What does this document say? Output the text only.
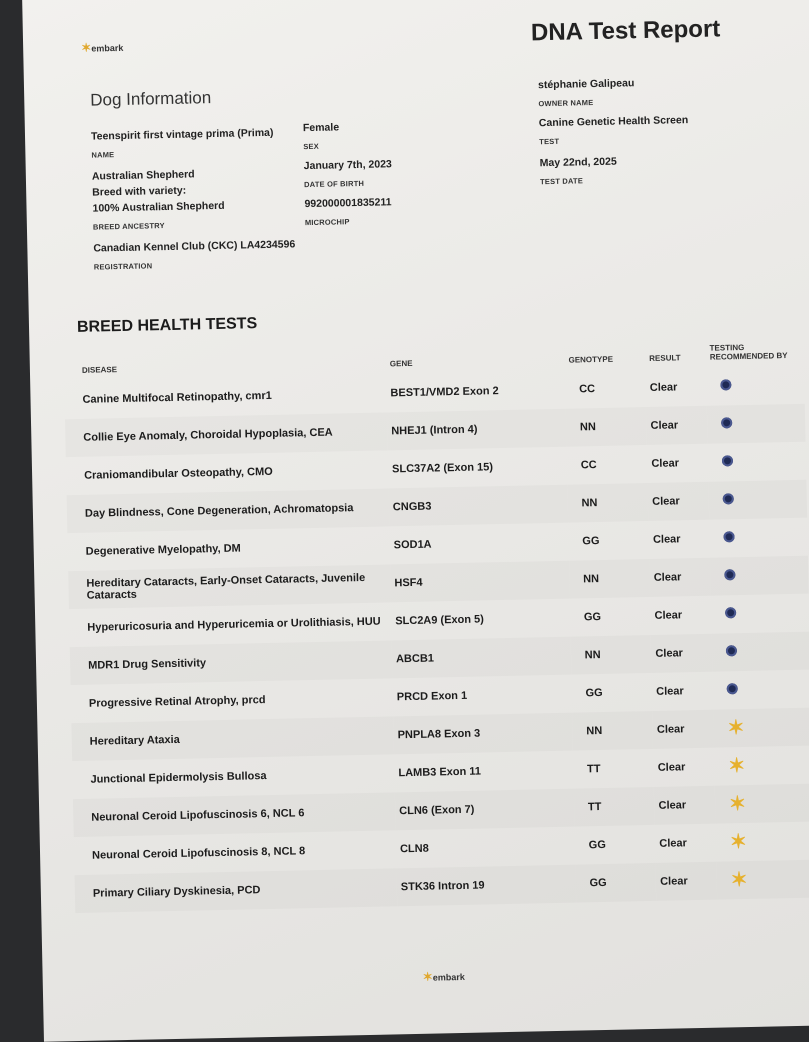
✶embark
DNA Test Report
Dog Information
Teenspirit first vintage prima (Prima)
NAME
Female
SEX
Australian Shepherd
Breed with variety:
100% Australian Shepherd
BREED ANCESTRY
January 7th, 2023
DATE OF BIRTH
992000001835211
MICROCHIP
Canadian Kennel Club (CKC) LA4234596
REGISTRATION
stéphanie Galipeau
OWNER NAME
Canine Genetic Health Screen
TEST
May 22nd, 2025
TEST DATE
BREED HEALTH TESTS
DISEASE	GENE	GENOTYPE	RESULT	TESTING RECOMMENDED BY
Canine Multifocal Retinopathy, cmr1	BEST1/VMD2 Exon 2	CC	Clear	
Collie Eye Anomaly, Choroidal Hypoplasia, CEA	NHEJ1 (Intron 4)	NN	Clear	
Craniomandibular Osteopathy, CMO	SLC37A2 (Exon 15)	CC	Clear	
Day Blindness, Cone Degeneration, Achromatopsia	CNGB3	NN	Clear	
Degenerative Myelopathy, DM	SOD1A	GG	Clear	
Hereditary Cataracts, Early-Onset Cataracts, Juvenile Cataracts	HSF4	NN	Clear	
Hyperuricosuria and Hyperuricemia or Urolithiasis, HUU	SLC2A9 (Exon 5)	GG	Clear	
MDR1 Drug Sensitivity	ABCB1	NN	Clear	
Progressive Retinal Atrophy, prcd	PRCD Exon 1	GG	Clear	
Hereditary Ataxia	PNPLA8 Exon 3	NN	Clear	✶
Junctional Epidermolysis Bullosa	LAMB3 Exon 11	TT	Clear	✶
Neuronal Ceroid Lipofuscinosis 6, NCL 6	CLN6 (Exon 7)	TT	Clear	✶
Neuronal Ceroid Lipofuscinosis 8, NCL 8	CLN8	GG	Clear	✶
Primary Ciliary Dyskinesia, PCD	STK36 Intron 19	GG	Clear	✶
✶embark
